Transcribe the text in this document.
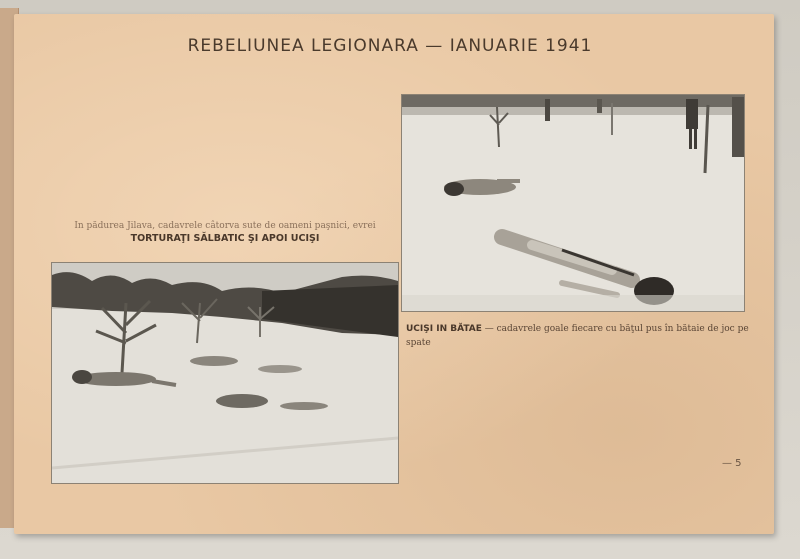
REBELIUNEA LEGIONARA — IANUARIE 1941
In pădurea Jilava, cadavrele câtorva sute de oameni paşnici, evrei
TORTURAŢI SĂLBATIC ŞI APOI UCIŞI
UCIŞI IN BĂTAE — cadavrele goale fiecare cu băţul pus în bătaie de joc pe spate
— 5
